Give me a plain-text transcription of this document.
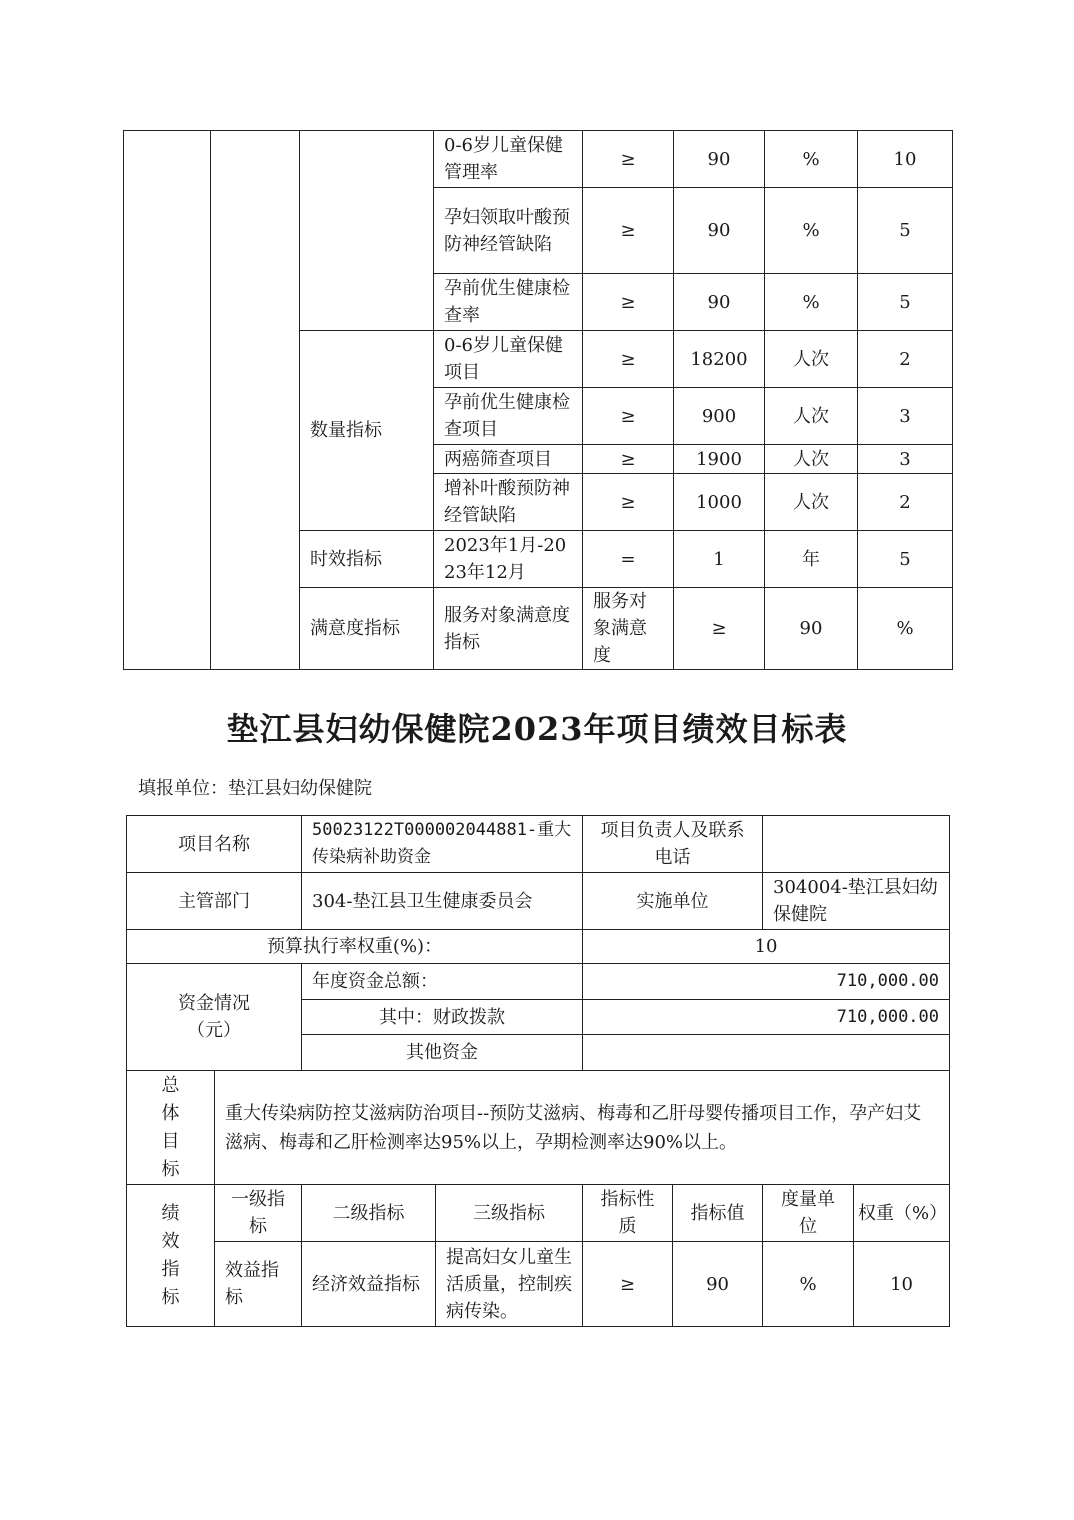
			0-6岁儿童保健管理率	≥	90	%	10	
			孕妇领取叶酸预防神经管缺陷	≥	90	%	5	
			孕前优生健康检查率	≥	90	%	5	
		数量指标	0-6岁儿童保健项目	≥	18200	人次	2	
			孕前优生健康检查项目	≥	900	人次	3	
			两癌筛查项目	≥	1900	人次	3	
			增补叶酸预防神经管缺陷	≥	1000	人次	2	
		时效指标	2023年1月-2023年12月	=	1	年	5	
		满意度指标	服务对象满意度指标	服务对象满意度	≥	90	%	
垫江县妇幼保健院2023年项目绩效目标表
填报单位：垫江县妇幼保健院
项目名称		50023122T000002044881-重大传染病补助资金		项目负责人及联系电话			
主管部门		304-垫江县卫生健康委员会		实施单位		304004-垫江县妇幼保健院	
预算执行率权重(%)：				10			
资金情况（元）		年度资金总额：		710,000.00			
		其中：财政拨款		710,000.00			
		其他资金					
总体目标	重大传染病防控艾滋病防治项目--预防艾滋病、梅毒和乙肝母婴传播项目工作，孕产妇艾滋病、梅毒和乙肝检测率达95%以上，孕期检测率达90%以上。						
绩效指标	一级指标	二级指标	三级指标	指标性质	指标值	度量单位	权重（%）
	效益指标	经济效益指标	提高妇女儿童生活质量，控制疾病传染。	≥	90	%	10
